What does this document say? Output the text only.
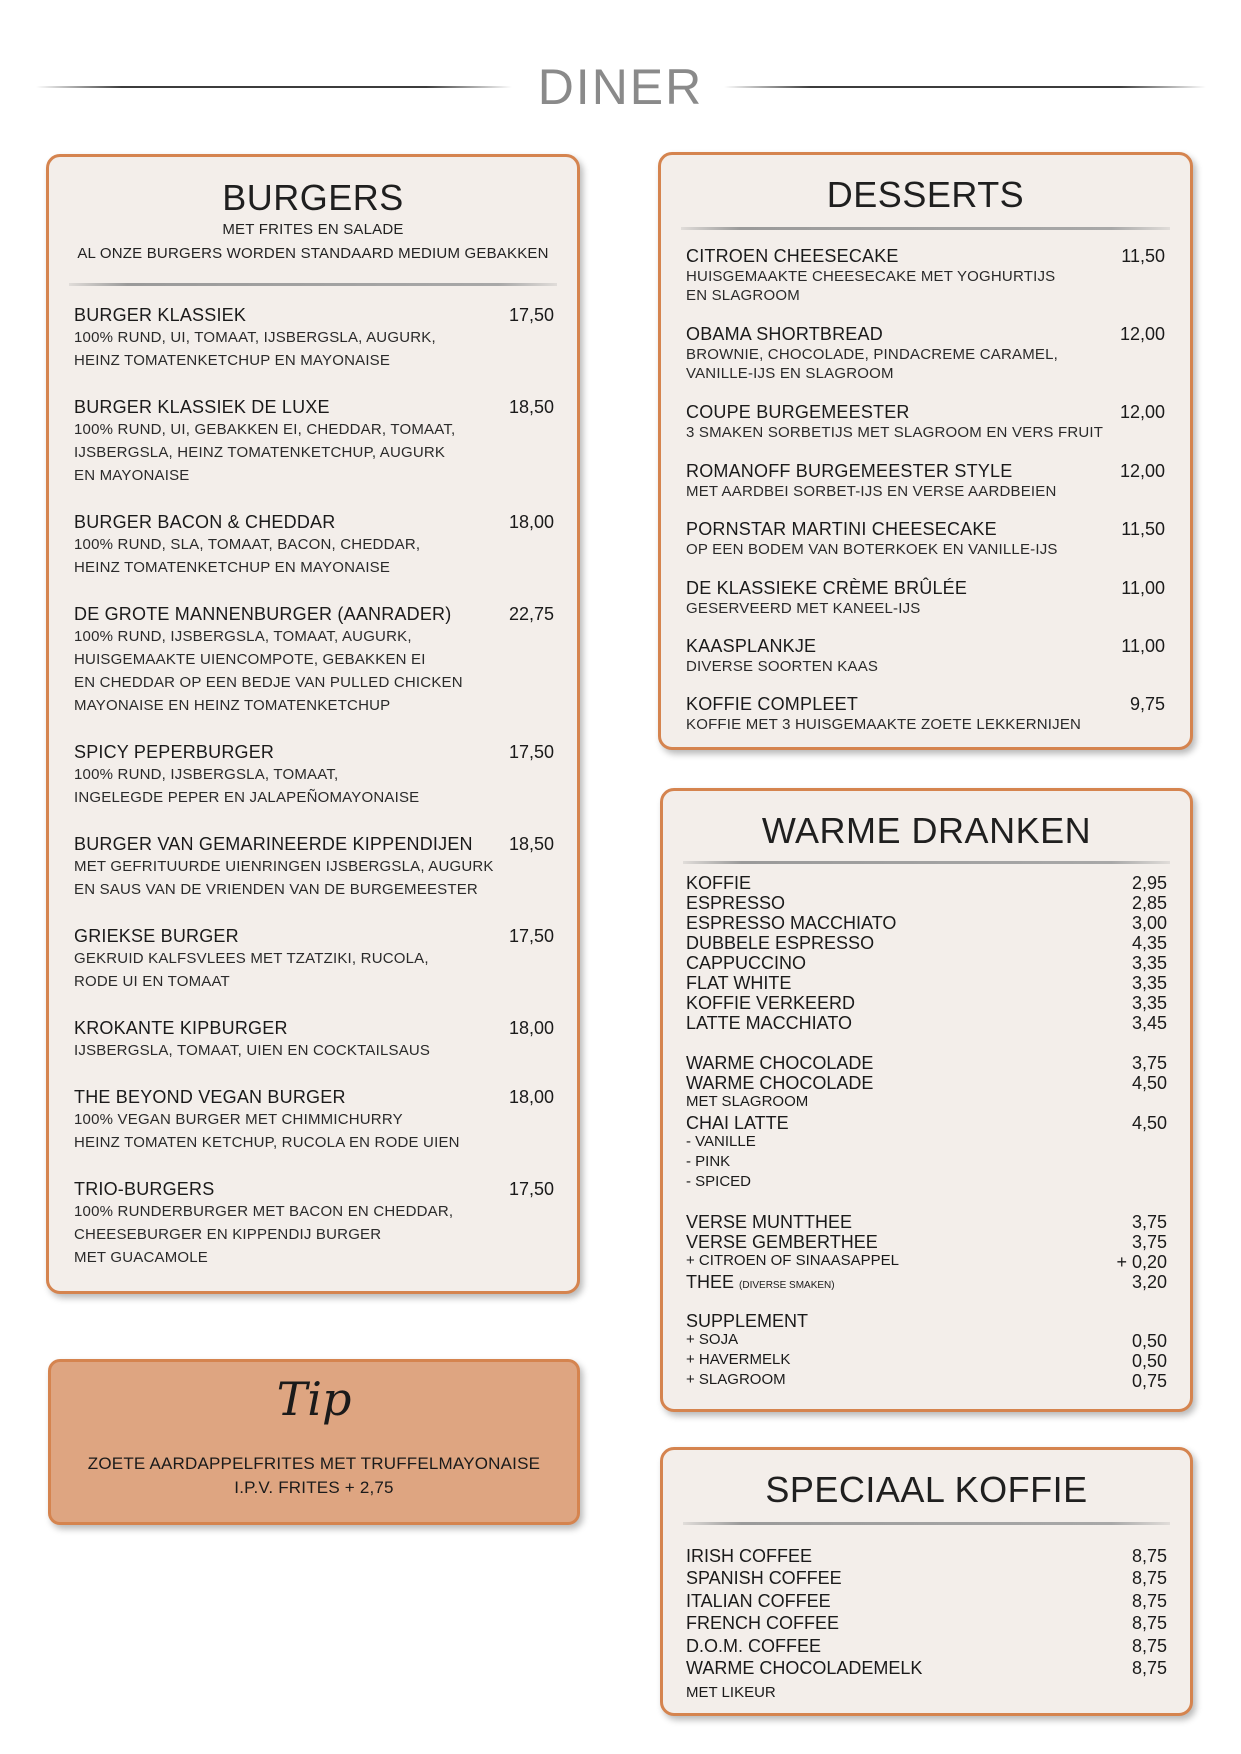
DINER
BURGERS
MET FRITES EN SALADE
AL ONZE BURGERS WORDEN STANDAARD MEDIUM GEBAKKEN
BURGER KLASSIEK	17,50
100% RUND, UI, TOMAAT, IJSBERGSLA, AUGURK,
HEINZ TOMATENKETCHUP EN MAYONAISE
BURGER KLASSIEK DE LUXE	18,50
100% RUND, UI, GEBAKKEN EI, CHEDDAR, TOMAAT,
IJSBERGSLA, HEINZ TOMATENKETCHUP, AUGURK
EN MAYONAISE
BURGER BACON & CHEDDAR	18,00
100% RUND, SLA, TOMAAT, BACON, CHEDDAR,
HEINZ TOMATENKETCHUP EN MAYONAISE
DE GROTE MANNENBURGER (AANRADER)	22,75
100% RUND, IJSBERGSLA, TOMAAT, AUGURK,
HUISGEMAAKTE UIENCOMPOTE, GEBAKKEN EI
EN CHEDDAR OP EEN BEDJE VAN PULLED CHICKEN
MAYONAISE EN HEINZ TOMATENKETCHUP
SPICY PEPERBURGER	17,50
100% RUND, IJSBERGSLA, TOMAAT,
INGELEGDE PEPER EN JALAPEÑOMAYONAISE
BURGER VAN GEMARINEERDE KIPPENDIJEN	18,50
MET GEFRITUURDE UIENRINGEN IJSBERGSLA, AUGURK
EN SAUS VAN DE VRIENDEN VAN DE BURGEMEESTER
GRIEKSE BURGER	17,50
GEKRUID KALFSVLEES MET TZATZIKI, RUCOLA,
RODE UI EN TOMAAT
KROKANTE KIPBURGER	18,00
IJSBERGSLA, TOMAAT, UIEN EN COCKTAILSAUS
THE BEYOND VEGAN BURGER	18,00
100% VEGAN BURGER MET CHIMMICHURRY
HEINZ TOMATEN KETCHUP, RUCOLA EN RODE UIEN
TRIO-BURGERS	17,50
100% RUNDERBURGER MET BACON EN CHEDDAR,
CHEESEBURGER EN KIPPENDIJ BURGER
MET GUACAMOLE
Tip
ZOETE AARDAPPELFRITES MET TRUFFELMAYONAISE
I.P.V. FRITES + 2,75
DESSERTS
CITROEN CHEESECAKE	11,50
HUISGEMAAKTE CHEESECAKE MET YOGHURTIJS
EN SLAGROOM
OBAMA SHORTBREAD	12,00
BROWNIE, CHOCOLADE, PINDACREME CARAMEL,
VANILLE-IJS EN SLAGROOM
COUPE BURGEMEESTER	12,00
3 SMAKEN SORBETIJS MET SLAGROOM EN VERS FRUIT
ROMANOFF BURGEMEESTER STYLE	12,00
MET AARDBEI SORBET-IJS EN VERSE AARDBEIEN
PORNSTAR MARTINI CHEESECAKE	11,50
OP EEN BODEM VAN BOTERKOEK EN VANILLE-IJS
DE KLASSIEKE CRÈME BRÛLÉE	11,00
GESERVEERD MET KANEEL-IJS
KAASPLANKJE	11,00
DIVERSE SOORTEN KAAS
KOFFIE COMPLEET	9,75
KOFFIE MET 3 HUISGEMAAKTE ZOETE LEKKERNIJEN
WARME DRANKEN
KOFFIE	2,95
ESPRESSO	2,85
ESPRESSO MACCHIATO	3,00
DUBBELE ESPRESSO	4,35
CAPPUCCINO	3,35
FLAT WHITE	3,35
KOFFIE VERKEERD	3,35
LATTE MACCHIATO	3,45
WARME CHOCOLADE	3,75
WARME CHOCOLADE	4,50
MET SLAGROOM
CHAI LATTE	4,50
- VANILLE
- PINK
- SPICED
VERSE MUNTTHEE	3,75
VERSE GEMBERTHEE	3,75
+ CITROEN OF SINAASAPPEL	+ 0,20
THEE (DIVERSE SMAKEN)	3,20
SUPPLEMENT
+ SOJA	0,50
+ HAVERMELK	0,50
+ SLAGROOM	0,75
SPECIAAL KOFFIE
IRISH COFFEE	8,75
SPANISH COFFEE	8,75
ITALIAN COFFEE	8,75
FRENCH COFFEE	8,75
D.O.M. COFFEE	8,75
WARME CHOCOLADEMELK	8,75
MET LIKEUR
